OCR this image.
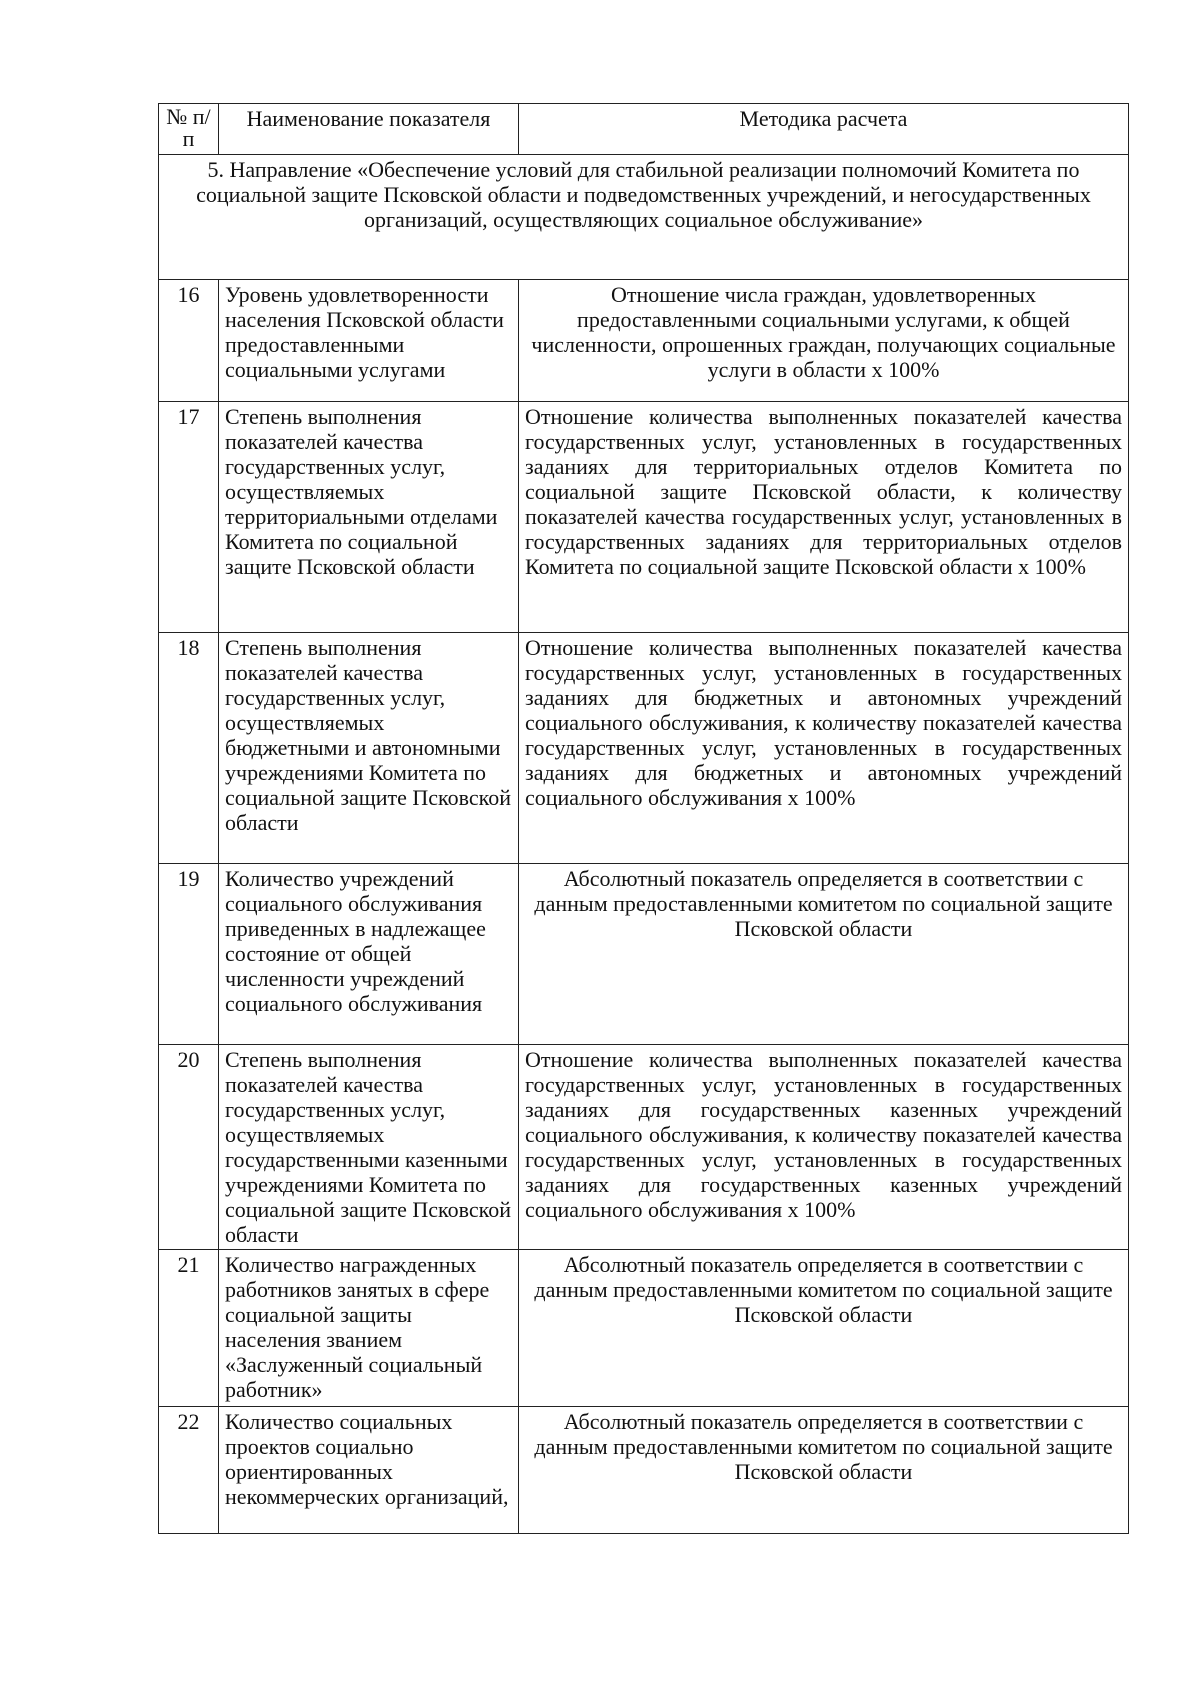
№ п/п	Наименование показателя	Методика расчета
5. Направление «Обеспечение условий для стабильной реализации полномочий Комитета по социальной защите Псковской области и подведомственных учреждений, и негосударственных организаций, осуществляющих социальное обслуживание»		
16	Уровень удовлетворенности населения Псковской области предоставленными социальными услугами	Отношение числа граждан, удовлетворенных предоставленными социальными услугами, к общей численности, опрошенных граждан, получающих социальные услуги в области х 100%
17	Степень выполнения показателей качества государственных услуг, осуществляемых территориальными отделами Комитета по социальной защите Псковской области	Отношение количества выполненных показателей качества государственных услуг, установленных в государственных заданиях для территориальных отделов Комитета по социальной защите Псковской области, к количеству показателей качества государственных услуг, установленных в государственных заданиях для территориальных отделов Комитета по социальной защите Псковской области х 100%
18	Степень выполнения показателей качества государственных услуг, осуществляемых бюджетными и автономными учреждениями Комитета по социальной защите Псковской области	Отношение количества выполненных показателей качества государственных услуг, установленных в государственных заданиях для бюджетных и автономных учреждений социального обслуживания, к количеству показателей качества государственных услуг, установленных в государственных заданиях для бюджетных и автономных учреждений социального обслуживания х 100%
19	Количество учреждений социального обслуживания приведенных в надлежащее состояние от общей численности учреждений социального обслуживания	Абсолютный показатель определяется в соответствии с данным предоставленными комитетом по социальной защите Псковской области
20	Степень выполнения показателей качества государственных услуг, осуществляемых государственными казенными учреждениями Комитета по социальной защите Псковской области	Отношение количества выполненных показателей качества государственных услуг, установленных в государственных заданиях для государственных казенных учреждений социального обслуживания, к количеству показателей качества государственных услуг, установленных в государственных заданиях для государственных казенных учреждений социального обслуживания х 100%
21	Количество награжденных работников занятых в сфере социальной защиты населения званием «Заслуженный социальный работник»	Абсолютный показатель определяется в соответствии с данным предоставленными комитетом по социальной защите Псковской области
22	Количество социальных проектов социально ориентированных некоммерческих организаций,	Абсолютный показатель определяется в соответствии с данным предоставленными комитетом по социальной защите Псковской области
